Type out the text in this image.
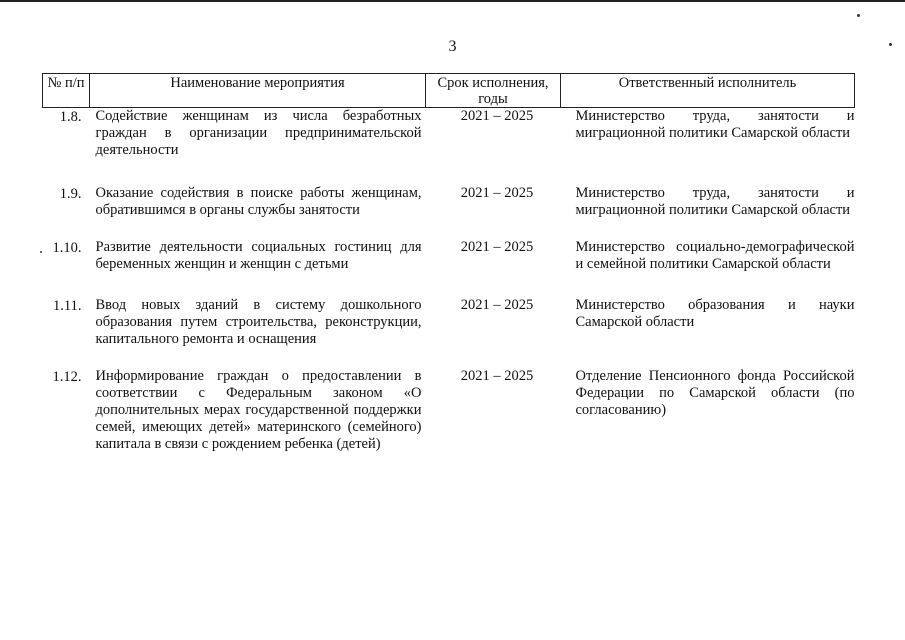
3
№ п/п	Наименование мероприятия	Срок исполнения, годы	Ответственный исполнитель
1.8.	Содействие женщинам из числа безработных граждан в организации предпринимательской деятельности	2021 – 2025	Министерство труда, занятости и миграционной политики Самарской области
1.9.	Оказание содействия в поиске работы женщинам, обратившимся в органы службы занятости	2021 – 2025	Министерство труда, занятости и миграционной политики Самарской области
1.10.	Развитие деятельности социальных гостиниц для беременных женщин и женщин с детьми	2021 – 2025	Министерство социально-демографической и семейной политики Самарской области
1.11.	Ввод новых зданий в систему дошкольного образования путем строительства, реконструкции, капитального ремонта и оснащения	2021 – 2025	Министерство образования и науки Самарской области
1.12.	Информирование граждан о предоставлении в соответствии с Федеральным законом «О дополнительных мерах государственной поддержки семей, имеющих детей» материнского (семейного) капитала в связи с рождением ребенка (детей)	2021 – 2025	Отделение Пенсионного фонда Российской Федерации по Самарской области (по согласованию)
